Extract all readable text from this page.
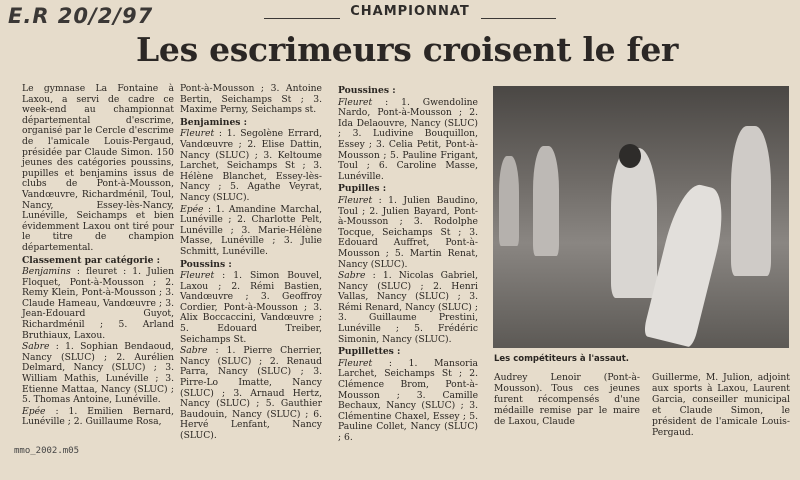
E.R 20/2/97	CHAMPIONNAT
Les escrimeurs croisent le fer

Le gymnase La Fontaine à Laxou, a servi de cadre ce week-end au championnat départemental d'escrime, organisé par le Cercle d'escrime de l'amicale Louis-Pergaud, présidée par Claude Simon. 150 jeunes des catégories poussins, pupilles et benjamins issus de clubs de Pont-à-Mousson, Vandœuvre, Richardménil, Toul, Nancy, Essey-lès-Nancy, Lunéville, Seichamps et bien évidemment Laxou ont tiré pour le titre de champion départemental.

Classement par catégorie :

Benjamins : fleuret : 1. Julien Floquet, Pont-à-Mousson ; 2. Remy Klein, Pont-à-Mousson ; 3. Claude Hameau, Vandœuvre ; 3. Jean-Edouard Guyot, Richardménil ; 5. Arland Bruthiaux, Laxou.

Sabre : 1. Sophian Bendaoud, Nancy (SLUC) ; 2. Aurélien Delmard, Nancy (SLUC) ; 3. William Mathis, Lunéville ; 3. Etienne Mattaa, Nancy (SLUC) ; 5. Thomas Antoine, Lunéville.

Epée : 1. Emilien Bernard, Lunéville ; 2. Guillaume Rosa,

Pont-à-Mousson ; 3. Antoine Bertin, Seichamps St ; 3. Maxime Perny, Seichamps st.

Benjamines :

Fleuret : 1. Segolène Errard, Vandœuvre ; 2. Elise Dattin, Nancy (SLUC) ; 3. Keltoume Larchet, Seichamps St ; 3. Hélène Blanchet, Essey-lès-Nancy ; 5. Agathe Veyrat, Nancy (SLUC).

Epée : 1. Amandine Marchal, Lunéville ; 2. Charlotte Pelt, Lunéville ; 3. Marie-Hélène Masse, Lunéville ; 3. Julie Schmitt, Lunéville.

Poussins :

Fleuret : 1. Simon Bouvel, Laxou ; 2. Rémi Bastien, Vandœuvre ; 3. Geoffroy Cordier, Pont-à-Mousson ; 3. Alix Boccaccini, Vandœuvre ; 5. Edouard Treiber, Seichamps St.

Sabre : 1. Pierre Cherrier, Nancy (SLUC) ; 2. Renaud Parra, Nancy (SLUC) ; 3. Pirre-Lo Imatte, Nancy (SLUC) ; 3. Arnaud Hertz, Nancy (SLUC) ; 5. Gauthier Baudouin, Nancy (SLUC) ; 6. Hervé Lenfant, Nancy (SLUC).

Poussines :

Fleuret : 1. Gwendoline Nardo, Pont-à-Mousson ; 2. Ida Delaouvre, Nancy (SLUC) ; 3. Ludivine Bouquillon, Essey ; 3. Celia Petit, Pont-à-Mousson ; 5. Pauline Frigant, Toul ; 6. Caroline Masse, Lunéville.

Pupilles :

Fleuret : 1. Julien Baudino, Toul ; 2. Julien Bayard, Pont-à-Mousson ; 3. Rodolphe Tocque, Seichamps St ; 3. Edouard Auffret, Pont-à-Mousson ; 5. Martin Renat, Nancy (SLUC).

Sabre : 1. Nicolas Gabriel, Nancy (SLUC) ; 2. Henri Vallas, Nancy (SLUC) ; 3. Rémi Renard, Nancy (SLUC) ; 3. Guillaume Prestini, Lunéville ; 5. Frédéric Simonin, Nancy (SLUC).

Pupillettes :

Fleuret : 1. Mansoria Larchet, Seichamps St ; 2. Clémence Brom, Pont-à-Mousson ; 3. Camille Bechaux, Nancy (SLUC) ; 3. Clémentine Chaxel, Essey ; 5. Pauline Collet, Nancy (SLUC) ; 6.

Les compétiteurs à l'assaut.
Audrey Lenoir (Pont-à-Mousson). Tous ces jeunes furent récompensés d'une médaille remise par le maire de Laxou, Claude
Guillerme, M. Julion, adjoint aux sports à Laxou, Laurent Garcia, conseiller municipal et Claude Simon, le président de l'amicale Louis-Pergaud.
mmo_2002.m05
